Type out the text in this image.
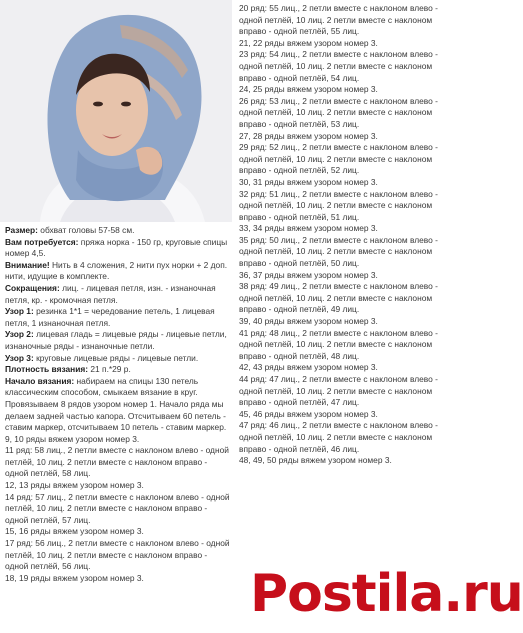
Размер: обхват головы 57-58 см.

Вам потребуется: пряжа норка - 150 гр, круговые спицы номер 4,5.

Внимание! Нить в 4 сложения, 2 нити пух норки + 2 доп. нити, идущие в комплекте.

Сокращения: лиц. - лицевая петля, изн. - изнаночная петля, кр. - кромочная петля.

Узор 1: резинка 1*1 = чередование петель, 1 лицевая петля, 1 изнаночная петля.

Узор 2: лицевая гладь = лицевые ряды - лицевые петли, изнаночные ряды - изнаночные петли.

Узор 3: круговые лицевые ряды - лицевые петли.

Плотность вязания: 21 п.*29 р.

Начало вязания: набираем на спицы 130 петель классическим способом, смыкаем вязание в круг. Провязываем 8 рядов узором номер 1. Начало ряда мы делаем задней частью капора. Отсчитываем 60 петель - ставим маркер, отсчитываем 10 петель - ставим маркер.

9, 10 ряды вяжем узором номер 3.

11 ряд: 58 лиц., 2 петли вместе с наклоном влево - одной петлёй, 10 лиц. 2 петли вместе с наклоном вправо - одной петлёй, 58 лиц.

12, 13 ряды вяжем узором номер 3.

14 ряд: 57 лиц., 2 петли вместе с наклоном влево - одной петлёй, 10 лиц. 2 петли вместе с наклоном вправо - одной петлёй, 57 лиц.

15, 16 ряды вяжем узором номер 3.

17 ряд: 56 лиц., 2 петли вместе с наклоном влево - одной петлёй, 10 лиц. 2 петли вместе с наклоном вправо - одной петлёй, 56 лиц.

18, 19 ряды вяжем узором номер 3.

20 ряд: 55 лиц., 2 петли вместе с наклоном влево - одной петлёй, 10 лиц. 2 петли вместе с наклоном вправо - одной петлёй, 55 лиц.

21, 22 ряды вяжем узором номер 3.

23 ряд: 54 лиц., 2 петли вместе с наклоном влево - одной петлёй, 10 лиц. 2 петли вместе с наклоном вправо - одной петлёй, 54 лиц.

24, 25 ряды вяжем узором номер 3.

26 ряд: 53 лиц., 2 петли вместе с наклоном влево - одной петлёй, 10 лиц. 2 петли вместе с наклоном вправо - одной петлёй, 53 лиц.

27, 28 ряды вяжем узором номер 3.

29 ряд: 52 лиц., 2 петли вместе с наклоном влево - одной петлёй, 10 лиц. 2 петли вместе с наклоном вправо - одной петлёй, 52 лиц.

30, 31 ряды вяжем узором номер 3.

32 ряд: 51 лиц., 2 петли вместе с наклоном влево - одной петлёй, 10 лиц. 2 петли вместе с наклоном вправо - одной петлёй, 51 лиц.

33, 34 ряды вяжем узором номер 3.

35 ряд: 50 лиц., 2 петли вместе с наклоном влево - одной петлёй, 10 лиц. 2 петли вместе с наклоном вправо - одной петлёй, 50 лиц.

36, 37 ряды вяжем узором номер 3.

38 ряд: 49 лиц., 2 петли вместе с наклоном влево - одной петлёй, 10 лиц. 2 петли вместе с наклоном вправо - одной петлёй, 49 лиц.

39, 40 ряды вяжем узором номер 3.

41 ряд: 48 лиц., 2 петли вместе с наклоном влево - одной петлёй, 10 лиц. 2 петли вместе с наклоном вправо - одной петлёй, 48 лиц.

42, 43 ряды вяжем узором номер 3.

44 ряд: 47 лиц., 2 петли вместе с наклоном влево - одной петлёй, 10 лиц. 2 петли вместе с наклоном вправо - одной петлёй, 47 лиц.

45, 46 ряды вяжем узором номер 3.

47 ряд: 46 лиц., 2 петли вместе с наклоном влево - одной петлёй, 10 лиц. 2 петли вместе с наклоном вправо - одной петлёй, 46 лиц.

48, 49, 50 ряды вяжем узором номер 3.

Postila.ru
